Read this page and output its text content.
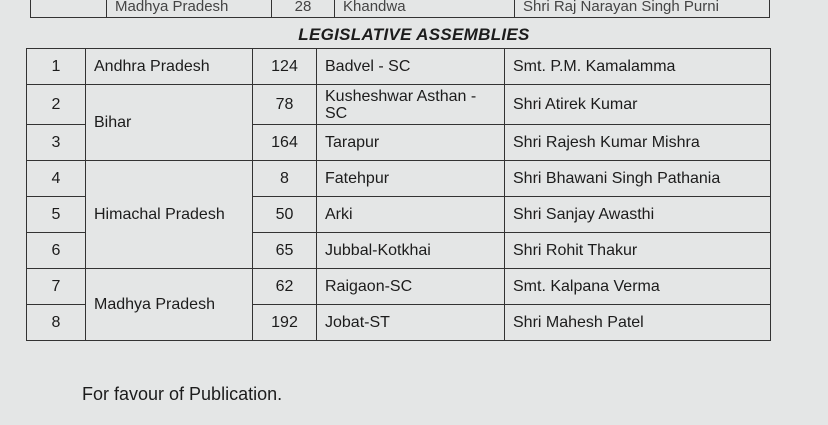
Madhya Pradesh	28	Khandwa	Shri Raj Narayan Singh Purni
LEGISLATIVE ASSEMBLIES
1	Andhra Pradesh	124	Badvel - SC	Smt. P.M. Kamalamma
2	Bihar	78	Kusheshwar Asthan - SC	Shri Atirek Kumar
3		164	Tarapur	Shri Rajesh Kumar Mishra
4	Himachal Pradesh	8	Fatehpur	Shri Bhawani Singh Pathania
5		50	Arki	Shri Sanjay Awasthi
6		65	Jubbal-Kotkhai	Shri Rohit Thakur
7	Madhya Pradesh	62	Raigaon-SC	Smt. Kalpana Verma
8		192	Jobat-ST	Shri Mahesh Patel
For favour of Publication.
